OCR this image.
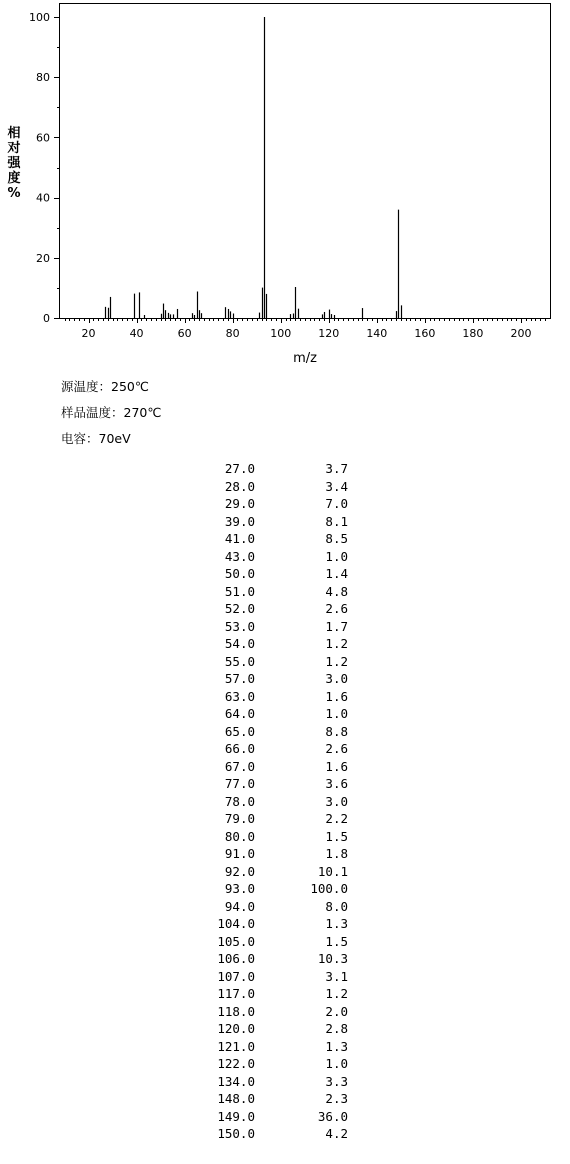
20	40	60	80	100 120 140 160 180 200
0
20
40
60
80
100
m/z
相
对
强
度
%
源温度：250℃
样品温度：270℃
电容：70eV
27.0	3.7
28.0	3.4
29.0	7.0
39.0	8.1
41.0	8.5
43.0	1.0
50.0	1.4
51.0	4.8
52.0	2.6
53.0	1.7
54.0	1.2
55.0	1.2
57.0	3.0
63.0	1.6
64.0	1.0
65.0	8.8
66.0	2.6
67.0	1.6
77.0	3.6
78.0	3.0
79.0	2.2
80.0	1.5
91.0	1.8
92.0	10.1
93.0	100.0
94.0	8.0
104.0	1.3
105.0	1.5
106.0	10.3
107.0	3.1
117.0	1.2
118.0	2.0
120.0	2.8
121.0	1.3
122.0	1.0
134.0	3.3
148.0	2.3
149.0	36.0
150.0	4.2
